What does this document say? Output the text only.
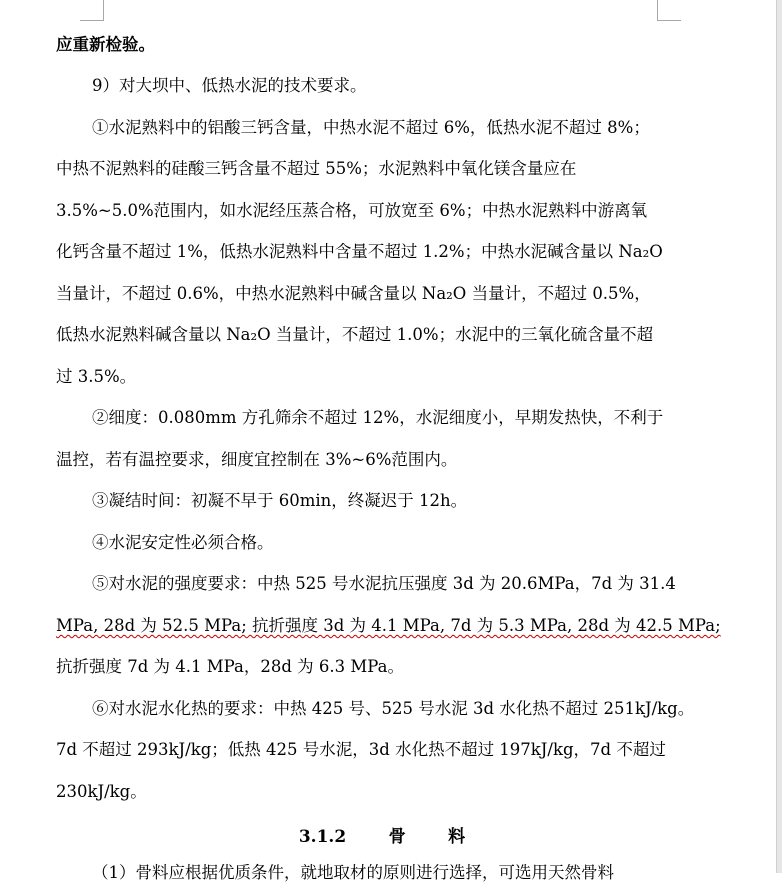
应重新检验。
9）对大坝中、低热水泥的技术要求。
①水泥熟料中的铝酸三钙含量，中热水泥不超过 6%，低热水泥不超过 8%；
中热不泥熟料的硅酸三钙含量不超过 55%；水泥熟料中氧化镁含量应在
3.5%~5.0%范围内，如水泥经压蒸合格，可放宽至 6%；中热水泥熟料中游离氧
化钙含量不超过 1%，低热水泥熟料中含量不超过 1.2%；中热水泥碱含量以 Na₂O
当量计，不超过 0.6%，中热水泥熟料中碱含量以 Na₂O 当量计，不超过 0.5%，
低热水泥熟料碱含量以 Na₂O 当量计，不超过 1.0%；水泥中的三氧化硫含量不超
过 3.5%。
②细度：0.080mm 方孔筛余不超过 12%，水泥细度小，早期发热快，不利于
温控，若有温控要求，细度宜控制在 3%~6%范围内。
③凝结时间：初凝不早于 60min，终凝迟于 12h。
④水泥安定性必须合格。
⑤对水泥的强度要求：中热 525 号水泥抗压强度 3d 为 20.6MPa，7d 为 31.4
MPa, 28d 为 52.5 MPa; 抗折强度 3d 为 4.1 MPa, 7d 为 5.3 MPa, 28d 为 42.5 MPa;
抗折强度 7d 为 4.1 MPa，28d 为 6.3 MPa。
⑥对水泥水化热的要求：中热 425 号、525 号水泥 3d 水化热不超过 251kJ/kg。
7d 不超过 293kJ/kg；低热 425 号水泥，3d 水化热不超过 197kJ/kg，7d 不超过
230kJ/kg。
3.1.2	骨	料
（1）骨料应根据优质条件，就地取材的原则进行选择，可选用天然骨料
